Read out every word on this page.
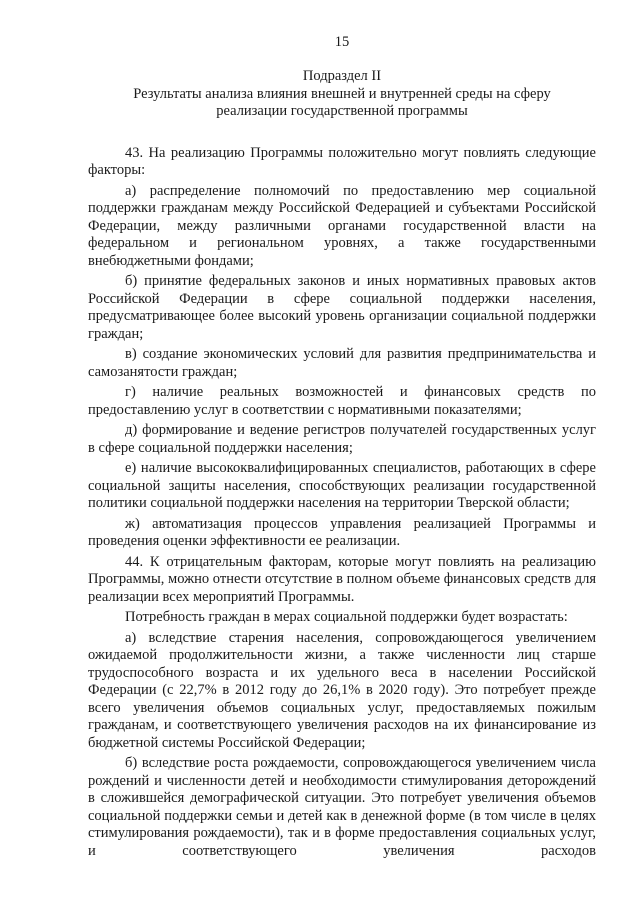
15
Подраздел II
Результаты анализа влияния внешней и внутренней среды на сферу
реализации государственной программы

43. На реализацию Программы положительно могут повлиять следующие факторы:

а) распределение полномочий по предоставлению мер социальной поддержки гражданам между Российской Федерацией и субъектами Российской Федерации, между различными органами государственной власти на федеральном и региональном уровнях, а также государственными внебюджетными фондами;

б) принятие федеральных законов и иных нормативных правовых актов Российской Федерации в сфере социальной поддержки населения, предусматривающее более высокий уровень организации социальной поддержки граждан;

в) создание экономических условий для развития предпринимательства и самозанятости граждан;

г) наличие реальных возможностей и финансовых средств по предоставлению услуг в соответствии с нормативными показателями;

д) формирование и ведение регистров получателей государственных услуг в сфере социальной поддержки населения;

е) наличие высококвалифицированных специалистов, работающих в сфере социальной защиты населения, способствующих реализации государственной политики социальной поддержки населения на территории Тверской области;

ж) автоматизация процессов управления реализацией Программы и проведения оценки эффективности ее реализации.

44. К отрицательным факторам, которые могут повлиять на реализацию Программы, можно отнести отсутствие в полном объеме финансовых средств для реализации всех мероприятий Программы.

Потребность граждан в мерах социальной поддержки будет возрастать:

а) вследствие старения населения, сопровождающегося увеличением ожидаемой продолжительности жизни, а также численности лиц старше трудоспособного возраста и их удельного веса в населении Российской Федерации (с 22,7% в 2012 году до 26,1% в 2020 году). Это потребует прежде всего увеличения объемов социальных услуг, предоставляемых пожилым гражданам, и соответствующего увеличения расходов на их финансирование из бюджетной системы Российской Федерации;

б) вследствие роста рождаемости, сопровождающегося увеличением числа рождений и численности детей и необходимости стимулирования деторождений в сложившейся демографической ситуации. Это потребует увеличения объемов социальной поддержки семьи и детей как в денежной форме (в том числе в целях стимулирования рождаемости), так и в форме предоставления социальных услуг, и соответствующего увеличения расходов
